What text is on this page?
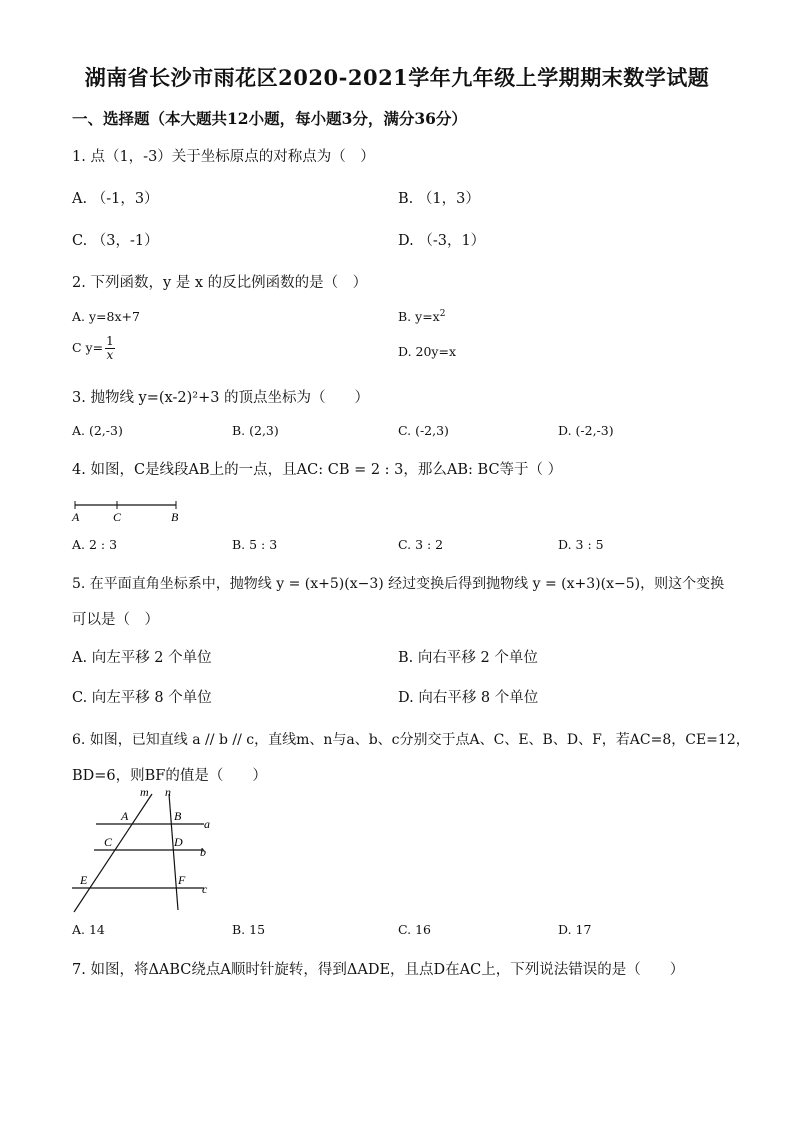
湖南省长沙市雨花区2020-2021学年九年级上学期期末数学试题
一、选择题（本大题共12小题，每小题3分，满分36分）
1. 点（1，-3）关于坐标原点的对称点为（　）
A. （-1，3）	B. （1，3）
C. （3，-1）	D. （-3，1）
2. 下列函数，y 是 x 的反比例函数的是（　）
A. y=8x+7	B. $y=x^2$
C $y= \frac{1}{x}$	D. 20y=x
3. 抛物线 y=(x-2)²+3 的顶点坐标为（　　）
A. (2,-3)	B. (2,3)	C. (-2,3)	D. (-2,-3)
4. 如图，C是线段AB上的一点，且AC: CB = 2 : 3，那么AB: BC等于（ ）
A	C	B
A. 2 : 3	B. 5 : 3	C. 3 : 2	D. 3 : 5
5. 在平面直角坐标系中，抛物线 y = (x+5)(x−3) 经过变换后得到抛物线 y = (x+3)(x−5)，则这个变换
可以是（　）
A. 向左平移 2 个单位	B. 向右平移 2 个单位
C. 向左平移 8 个单位	D. 向右平移 8 个单位
6. 如图，已知直线 a // b // c，直线m、n与a、b、c分别交于点A、C、E、B、D、F，若AC=8，CE=12，
BD=6，则BF的值是（　　）
m n
A	B
a
C	D
b
E	F
c
A. 14	B. 15	C. 16	D. 17
7. 如图，将ΔABC绕点A顺时针旋转，得到ΔADE，且点D在AC上，下列说法错误的是（　　）
